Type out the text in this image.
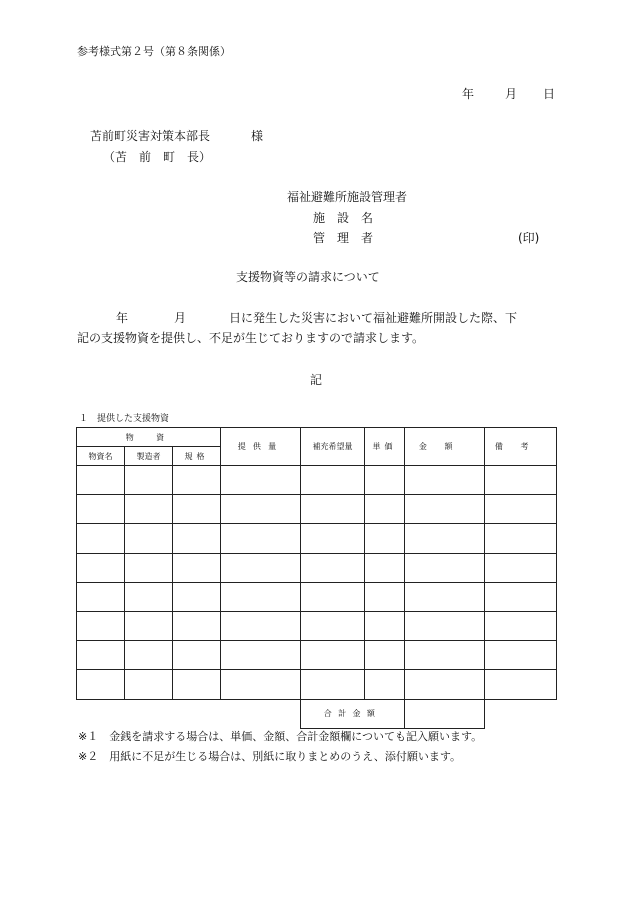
参考様式第２号（第８条関係）
年	月 日
苫前町災害対策本部長	様
（苫　前　町　長）
福祉避難所施設管理者
施　設　名
管　理　者	(印)
支援物資等の請求について
年	月	日に発生した災害において福祉避難所開設した際、下
記の支援物資を提供し、不足が生じておりますので請求します。
記
１　提供した支援物資
物　資			提供量	補充希望量	単価	金額	備考
物資名	製造者	規格					

				合計金額			
※１　金銭を請求する場合は、単価、金額、合計金額欄についても記入願います。
※２　用紙に不足が生じる場合は、別紙に取りまとめのうえ、添付願います。
